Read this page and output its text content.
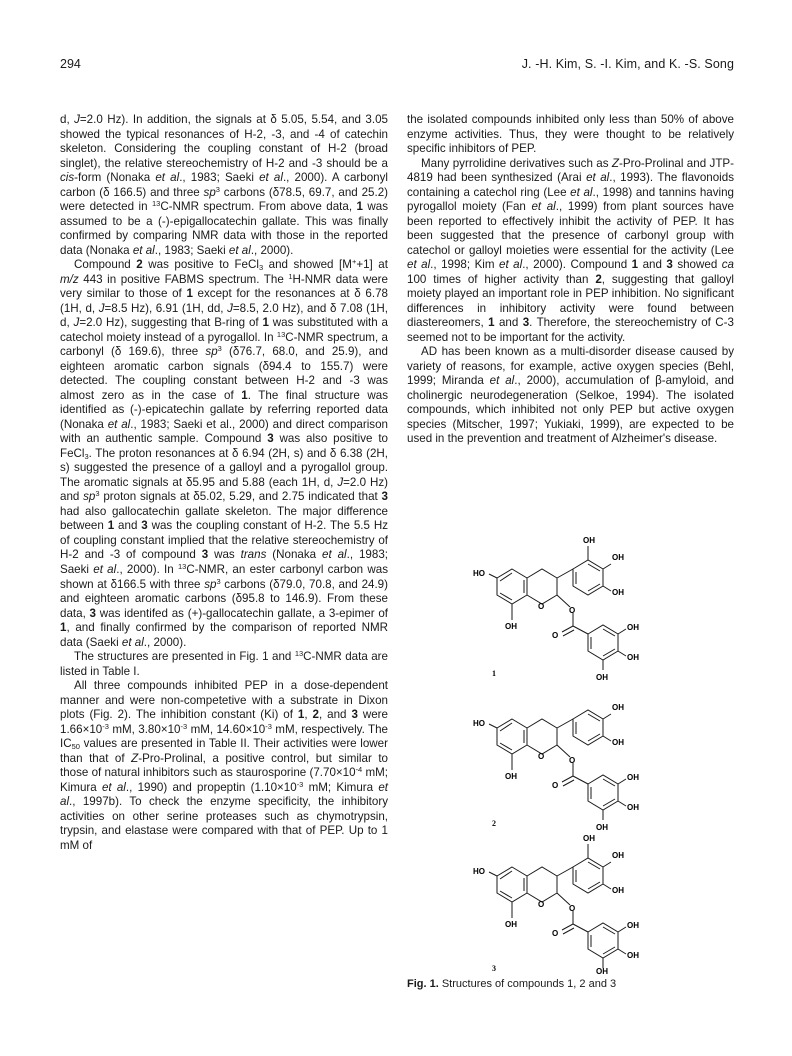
294	J. -H. Kim, S. -I. Kim, and K. -S. Song

d, J=2.0 Hz). In addition, the signals at δ 5.05, 5.54, and 3.05 showed the typical resonances of H-2, -3, and -4 of catechin skeleton. Considering the coupling constant of H-2 (broad singlet), the relative stereochemistry of H-2 and -3 should be a cis-form (Nonaka et al., 1983; Saeki et al., 2000). A carbonyl carbon (δ 166.5) and three $sp^3$ carbons (δ78.5, 69.7, and 25.2) were detected in $^{13}$C-NMR spectrum. From above data, 1 was assumed to be a (-)-epigallocatechin gallate. This was finally confirmed by comparing NMR data with those in the reported data (Nonaka et al., 1983; Saeki et al., 2000).

Compound 2 was positive to FeCl$_3$ and showed [M++1] at m/z 443 in positive FABMS spectrum. The $^1$H-NMR data were very similar to those of 1 except for the resonances at δ 6.78 (1H, d, J=8.5 Hz), 6.91 (1H, dd, J=8.5, 2.0 Hz), and δ 7.08 (1H, d, J=2.0 Hz), suggesting that B-ring of 1 was substituted with a catechol moiety instead of a pyrogallol. In $^{13}$C-NMR spectrum, a carbonyl (δ 169.6), three $sp^3$ (δ76.7, 68.0, and 25.9), and eighteen aromatic carbon signals (δ94.4 to 155.7) were detected. The coupling constant between H-2 and -3 was almost zero as in the case of 1. The final structure was identified as (-)-epicatechin gallate by referring reported data (Nonaka et al., 1983; Saeki et al., 2000) and direct comparison with an authentic sample. Compound 3 was also positive to FeCl$_3$. The proton resonances at δ 6.94 (2H, s) and δ 6.38 (2H, s) suggested the presence of a galloyl and a pyrogallol group. The aromatic signals at δ5.95 and 5.88 (each 1H, d, J=2.0 Hz) and $sp^3$ proton signals at δ5.02, 5.29, and 2.75 indicated that 3 had also gallocatechin gallate skeleton. The major difference between 1 and 3 was the coupling constant of H-2. The 5.5 Hz of coupling constant implied that the relative stereochemistry of H-2 and -3 of compound 3 was trans (Nonaka et al., 1983; Saeki et al., 2000). In $^{13}$C-NMR, an ester carbonyl carbon was shown at δ166.5 with three $sp^3$ carbons (δ79.0, 70.8, and 24.9) and eighteen aromatic carbons (δ95.8 to 146.9). From these data, 3 was identifed as (+)-gallocatechin gallate, a 3-epimer of 1, and finally confirmed by the comparison of reported NMR data (Saeki et al., 2000).

The structures are presented in Fig. 1 and $^{13}$C-NMR data are listed in Table I.

All three compounds inhibited PEP in a dose-dependent manner and were non-competetive with a substrate in Dixon plots (Fig. 2). The inhibition constant (Ki) of 1, 2, and 3 were $1.66\times 10^{-3}$ mM, $3.80\times 10^{-3}$ mM, $14.60\times 10^{-3}$ mM, respectively. The $IC_{50}$ values are presented in Table II. Their activities were lower than that of Z-Pro-Prolinal, a positive control, but similar to those of natural inhibitors such as staurosporine ($7.70\times 10^{-4}$ mM; Kimura et al., 1990) and propeptin ($1.10\times 10^{-3}$ mM; Kimura et al., 1997b). To check the enzyme specificity, the inhibitory activities on other serine proteases such as chymotrypsin, trypsin, and elastase were compared with that of PEP. Up to 1 mM of

the isolated compounds inhibited only less than 50% of above enzyme activities. Thus, they were thought to be relatively specific inhibitors of PEP.

Many pyrrolidine derivatives such as Z-Pro-Prolinal and JTP-4819 had been synthesized (Arai et al., 1993). The flavonoids containing a catechol ring (Lee et al., 1998) and tannins having pyrogallol moiety (Fan et al., 1999) from plant sources have been reported to effectively inhibit the activity of PEP. It has been suggested that the presence of carbonyl group with catechol or galloyl moieties were essential for the activity (Lee et al., 1998; Kim et al., 2000). Compound 1 and 3 showed ca 100 times of higher activity than 2, suggesting that galloyl moiety played an important role in PEP inhibition. No significant differences in inhibitory activity were found between diastereomers, 1 and 3. Therefore, the stereochemistry of C-3 seemed not to be important for the activity.

AD has been known as a multi-disorder disease caused by variety of reasons, for example, active oxygen species (Behl, 1999; Miranda et al., 2000), accumulation of β-amyloid, and cholinergic neurodegeneration (Selkoe, 1994). The isolated compounds, which inhibited not only PEP but active oxygen species (Mitscher, 1997; Yukiaki, 1999), are expected to be used in the prevention and treatment of Alzheimer's disease.

OH
OH
OH
HO
OH
O	O
O
OH
OH
OH
1
OH
OH
HO
OH
O	O
O
OH
OH
OH
2
OH
OH
OH
HO
OH
O	O
O
OH
OH
OH
3
Fig. 1. Structures of compounds 1, 2 and 3
